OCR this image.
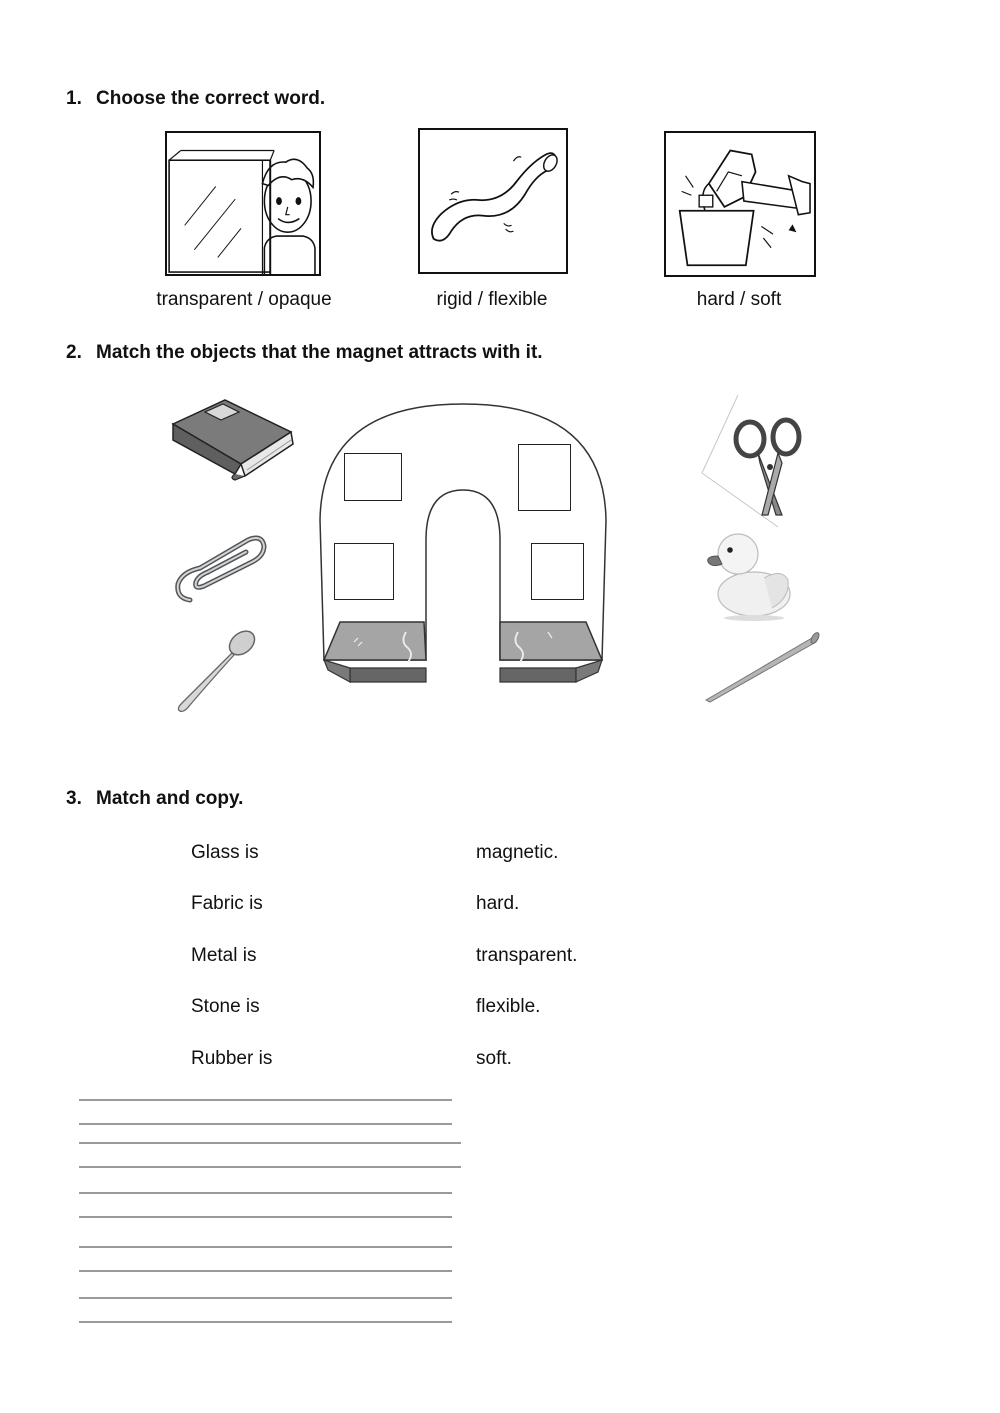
1. Choose the correct word.
transparent / opaque	rigid / flexible	hard / soft
2. Match the objects that the magnet attracts with it.
3. Match and copy.
Glass is
Fabric is
Metal is
Stone is
Rubber is
magnetic.
hard.
transparent.
flexible.
soft.
